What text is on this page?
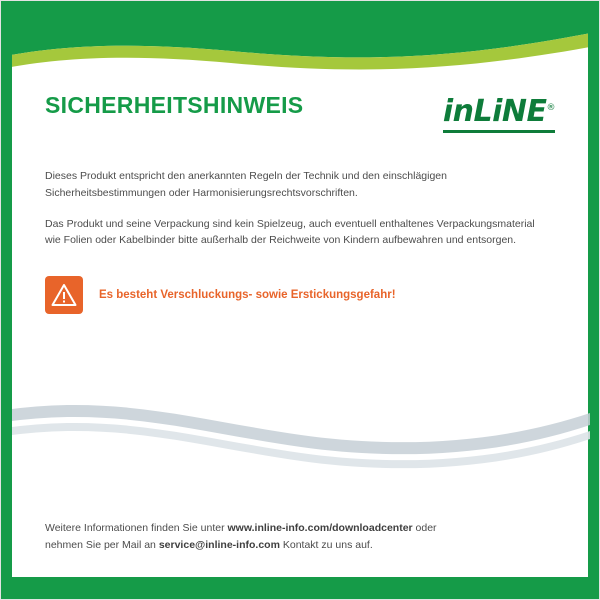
inLiNE®
SICHERHEITSHINWEIS

Dieses Produkt entspricht den anerkannten Regeln der Technik und den einschlägigen Sicherheitsbestimmungen oder Harmonisierungsrechtsvorschriften.

Das Produkt und seine Verpackung sind kein Spielzeug, auch eventuell enthaltenes Verpackungsmaterial wie Folien oder Kabelbinder bitte außerhalb der Reichweite von Kindern aufbewahren und entsorgen.

Es besteht Verschluckungs- sowie Erstickungsgefahr!
Weitere Informationen finden Sie unter www.inline-info.com/downloadcenter oder
nehmen Sie per Mail an service@inline-info.com Kontakt zu uns auf.
